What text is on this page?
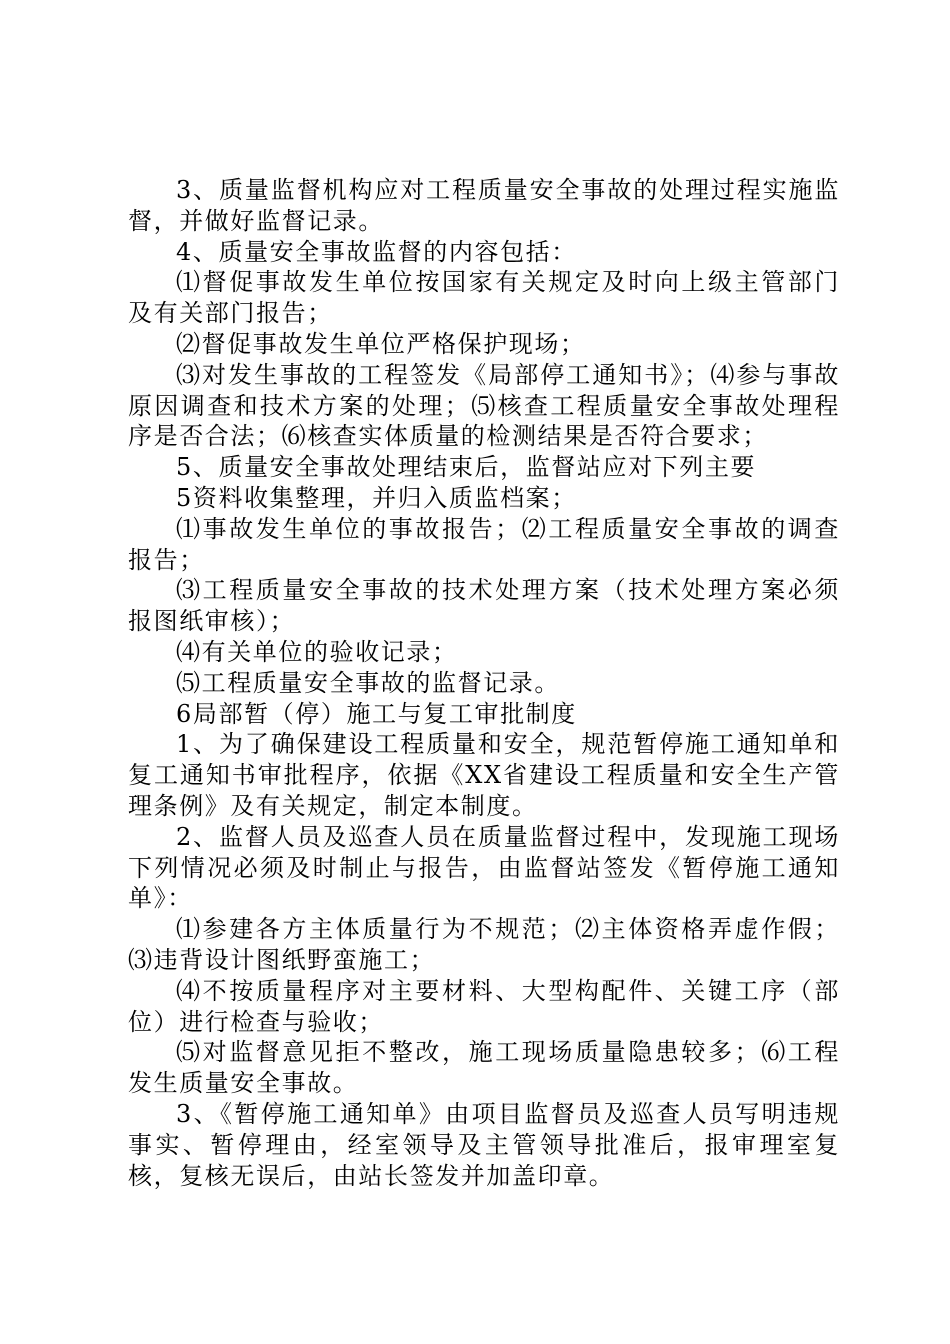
3、质量监督机构应对工程质量安全事故的处理过程实施监督，并做好监督记录。

4、质量安全事故监督的内容包括：

⑴督促事故发生单位按国家有关规定及时向上级主管部门及有关部门报告；

⑵督促事故发生单位严格保护现场；

⑶对发生事故的工程签发《局部停工通知书》；⑷参与事故原因调查和技术方案的处理；⑸核查工程质量安全事故处理程序是否合法；⑹核查实体质量的检测结果是否符合要求；

5、质量安全事故处理结束后，监督站应对下列主要

5资料收集整理，并归入质监档案；

⑴事故发生单位的事故报告；⑵工程质量安全事故的调查报告；

⑶工程质量安全事故的技术处理方案（技术处理方案必须报图纸审核）；

⑷有关单位的验收记录；

⑸工程质量安全事故的监督记录。

6局部暂（停）施工与复工审批制度

1、为了确保建设工程质量和安全，规范暂停施工通知单和复工通知书审批程序，依据《XX省建设工程质量和安全生产管理条例》及有关规定，制定本制度。

2、监督人员及巡查人员在质量监督过程中，发现施工现场下列情况必须及时制止与报告，由监督站签发《暂停施工通知单》：

⑴参建各方主体质量行为不规范；⑵主体资格弄虚作假；⑶违背设计图纸野蛮施工；

⑷不按质量程序对主要材料、大型构配件、关键工序（部位）进行检查与验收；

⑸对监督意见拒不整改，施工现场质量隐患较多；⑹工程发生质量安全事故。

3、《暂停施工通知单》由项目监督员及巡查人员写明违规事实、暂停理由，经室领导及主管领导批准后，报审理室复核，复核无误后，由站长签发并加盖印章。
